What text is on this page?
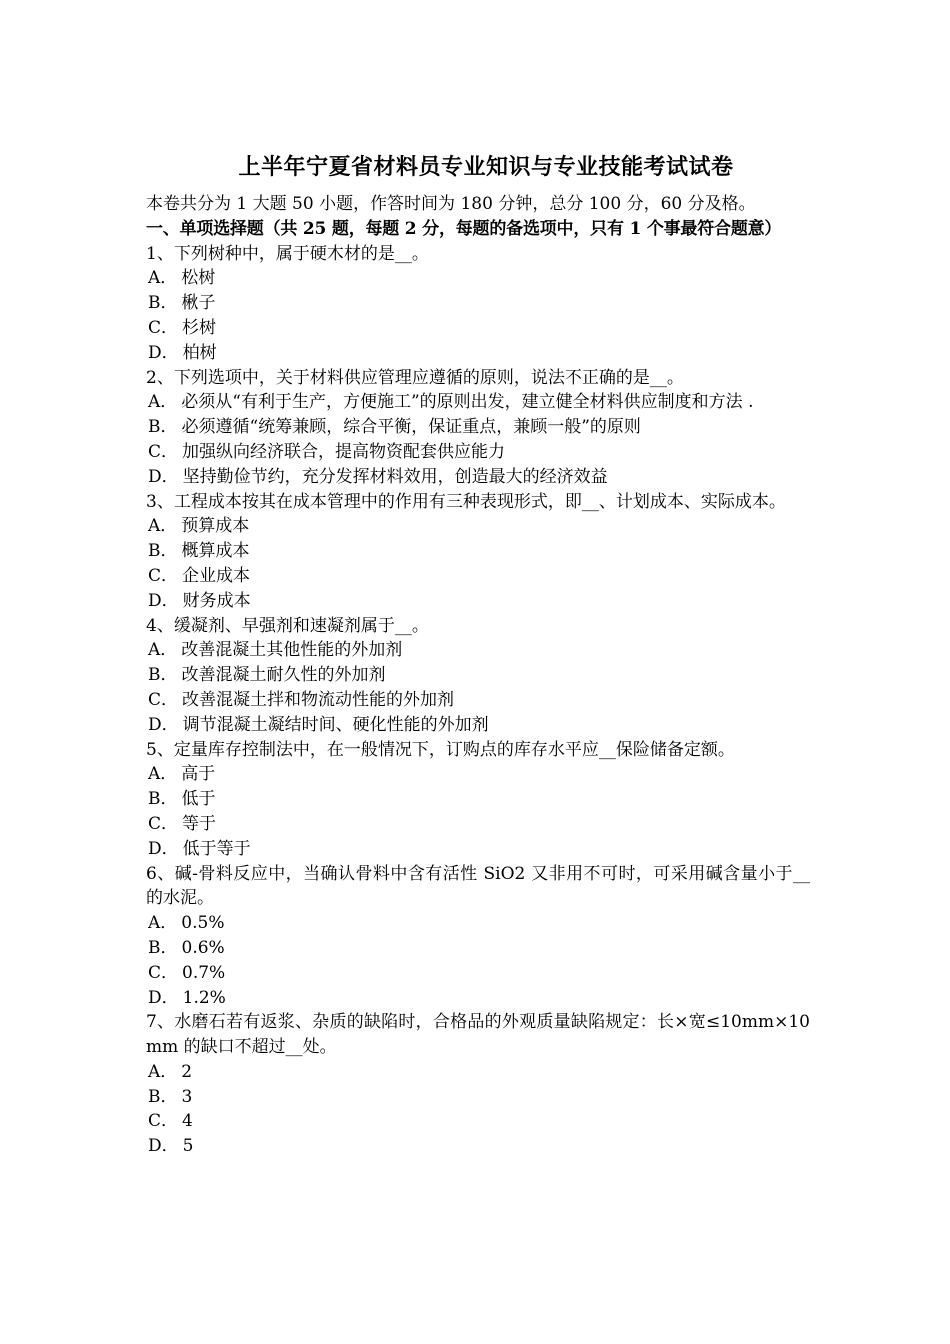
上半年宁夏省材料员专业知识与专业技能考试试卷
本卷共分为 1 大题 50 小题，作答时间为 180 分钟，总分 100 分，60 分及格。
一、单项选择题（共 25 题，每题 2 分，每题的备选项中，只有 1 个事最符合题意）
1、下列树种中，属于硬木材的是__。
A． 松树
B． 楸子
C． 杉树
D． 柏树
2、下列选项中，关于材料供应管理应遵循的原则，说法不正确的是__。
A． 必须从“有利于生产，方便施工”的原则出发，建立健全材料供应制度和方法 .
B． 必须遵循“统筹兼顾，综合平衡，保证重点，兼顾一般”的原则
C． 加强纵向经济联合，提高物资配套供应能力
D． 坚持勤俭节约，充分发挥材料效用，创造最大的经济效益
3、工程成本按其在成本管理中的作用有三种表现形式，即__、计划成本、实际成本。
A． 预算成本
B． 概算成本
C． 企业成本
D． 财务成本
4、缓凝剂、早强剂和速凝剂属于__。
A． 改善混凝土其他性能的外加剂
B． 改善混凝土耐久性的外加剂
C． 改善混凝土拌和物流动性能的外加剂
D． 调节混凝土凝结时间、硬化性能的外加剂
5、定量库存控制法中，在一般情况下，订购点的库存水平应__保险储备定额。
A． 高于
B． 低于
C． 等于
D． 低于等于
6、碱-骨料反应中，当确认骨料中含有活性 SiO2 又非用不可时，可采用碱含量小于__的水泥。
A． 0.5%
B． 0.6%
C． 0.7%
D． 1.2%
7、水磨石若有返浆、杂质的缺陷时，合格品的外观质量缺陷规定：长×宽≤10mm×10mm 的缺口不超过__处。
A． 2
B． 3
C． 4
D． 5
